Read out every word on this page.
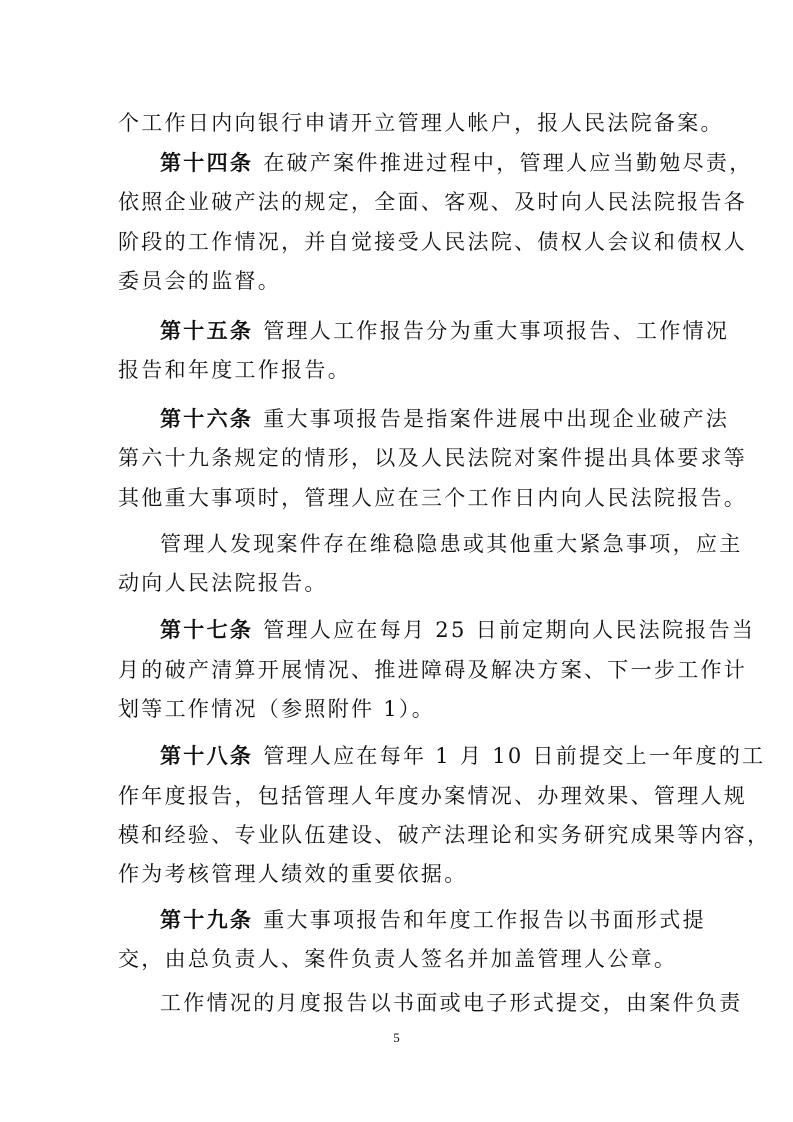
个工作日内向银行申请开立管理人帐户，报人民法院备案。
第十四条 在破产案件推进过程中，管理人应当勤勉尽责，
依照企业破产法的规定，全面、客观、及时向人民法院报告各
阶段的工作情况，并自觉接受人民法院、债权人会议和债权人
委员会的监督。
第十五条 管理人工作报告分为重大事项报告、工作情况
报告和年度工作报告。
第十六条 重大事项报告是指案件进展中出现企业破产法
第六十九条规定的情形，以及人民法院对案件提出具体要求等
其他重大事项时，管理人应在三个工作日内向人民法院报告。
管理人发现案件存在维稳隐患或其他重大紧急事项，应主
动向人民法院报告。
第十七条 管理人应在每月 25 日前定期向人民法院报告当
月的破产清算开展情况、推进障碍及解决方案、下一步工作计
划等工作情况（参照附件 1）。
第十八条 管理人应在每年 1 月 10 日前提交上一年度的工
作年度报告，包括管理人年度办案情况、办理效果、管理人规
模和经验、专业队伍建设、破产法理论和实务研究成果等内容，
作为考核管理人绩效的重要依据。
第十九条 重大事项报告和年度工作报告以书面形式提
交，由总负责人、案件负责人签名并加盖管理人公章。
工作情况的月度报告以书面或电子形式提交，由案件负责
5
